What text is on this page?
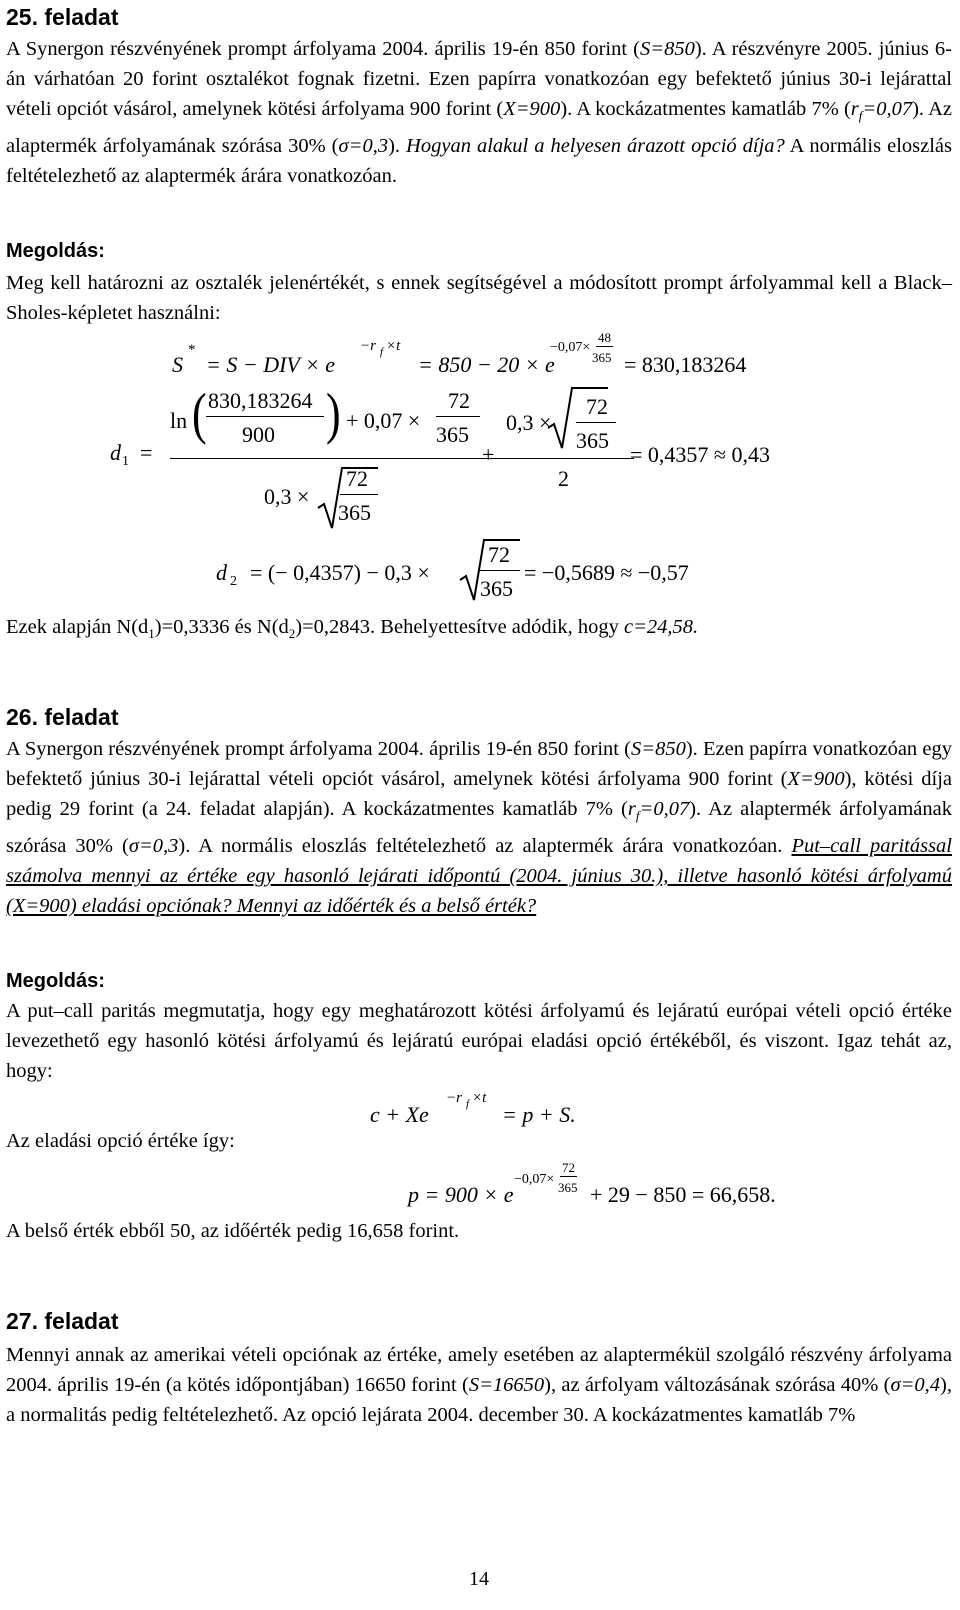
25. feladat

A Synergon részvényének prompt árfolyama 2004. április 19-én 850 forint (S=850). A részvényre 2005. június 6-án várhatóan 20 forint osztalékot fognak fizetni. Ezen papírra vonatkozóan egy befektető június 30-i lejárattal vételi opciót vásárol, amelynek kötési árfolyama 900 forint (X=900). A kockázatmentes kamatláb 7% $(r_f=0,07)$. Az alaptermék árfolyamának szórása 30% (σ=0,3). Hogyan alakul a helyesen árazott opció díja? A normális eloszlás feltételezhető az alaptermék árára vonatkozóan.

Megoldás:

Meg kell határozni az osztalék jelenértékét, s ennek segítségével a módosított prompt árfolyammal kell a Black–Sholes-képletet használni:

S
*
= S − DIV × e
−r f ×t
= 850 − 20 × e
−0,07×
48
365 = 830,183264
d 1 =
ln ( 830,183264
900 ) + 0,07 ×
72
365
0,3 ×
72
365
+
0,3 ×
72
365
2
= 0,4357 ≈ 0,43
d 2 = (− 0,4357) − 0,3 ×
72
365
= −0,5689 ≈ −0,57

Ezek alapján $N(d_1)=0,3336$ és $N(d_2)=0,2843$. Behelyettesítve adódik, hogy c=24,58.

26. feladat

A Synergon részvényének prompt árfolyama 2004. április 19-én 850 forint (S=850). Ezen papírra vonatkozóan egy befektető június 30-i lejárattal vételi opciót vásárol, amelynek kötési árfolyama 900 forint (X=900), kötési díja pedig 29 forint (a 24. feladat alapján). A kockázatmentes kamatláb 7% $(r_f=0,07)$. Az alaptermék árfolyamának szórása 30% (σ=0,3). A normális eloszlás feltételezhető az alaptermék árára vonatkozóan. Put–call paritással számolva mennyi az értéke egy hasonló lejárati időpontú (2004. június 30.), illetve hasonló kötési árfolyamú (X=900) eladási opciónak? Mennyi az időérték és a belső érték?

Megoldás:

A put–call paritás megmutatja, hogy egy meghatározott kötési árfolyamú és lejáratú európai vételi opció értéke levezethető egy hasonló kötési árfolyamú és lejáratú európai eladási opció értékéből, és viszont. Igaz tehát az, hogy:

c + Xe
−r f ×t
= p + S.

Az eladási opció értéke így:

p = 900 × e
−0,07×
72
365 + 29 − 850 = 66,658.

A belső érték ebből 50, az időérték pedig 16,658 forint.

27. feladat

Mennyi annak az amerikai vételi opciónak az értéke, amely esetében az alaptermékül szolgáló részvény árfolyama 2004. április 19-én (a kötés időpontjában) 16650 forint (S=16650), az árfolyam változásának szórása 40% (σ=0,4), a normalitás pedig feltételezhető. Az opció lejárata 2004. december 30. A kockázatmentes kamatláb 7%

14
